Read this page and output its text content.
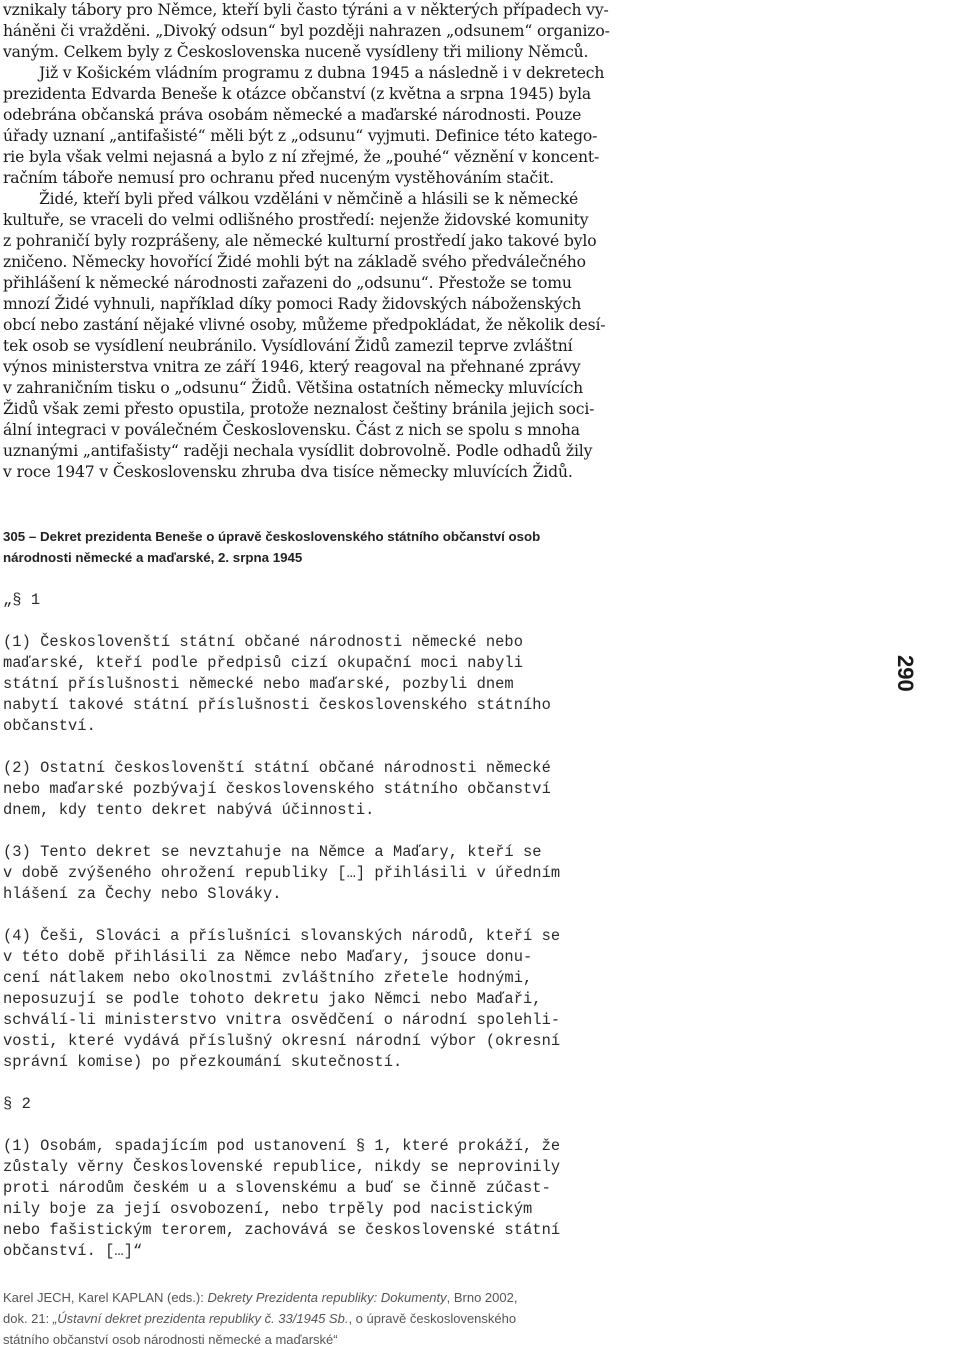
vznikaly tábory pro Němce, kteří byli často týráni a v některých případech vy-
háněni či vražděni. „Divoký odsun“ byl později nahrazen „odsunem“ organizo-
vaným. Celkem byly z Československa nuceně vysídleny tři miliony Němců.
Již v Košickém vládním programu z dubna 1945 a následně i v dekretech
prezidenta Edvarda Beneše k otázce občanství (z května a srpna 1945) byla
odebrána občanská práva osobám německé a maďarské národnosti. Pouze
úřady uznaní „antifašisté“ měli být z „odsunu“ vyjmuti. Definice této katego-
rie byla však velmi nejasná a bylo z ní zřejmé, že „pouhé“ věznění v koncent-
račním táboře nemusí pro ochranu před nuceným vystěhováním stačit.
Židé, kteří byli před válkou vzděláni v němčině a hlásili se k německé
kultuře, se vraceli do velmi odlišného prostředí: nejenže židovské komunity
z pohraničí byly rozprášeny, ale německé kulturní prostředí jako takové bylo
zničeno. Německy hovořící Židé mohli být na základě svého předválečného
přihlášení k německé národnosti zařazeni do „odsunu“. Přestože se tomu
mnozí Židé vyhnuli, například díky pomoci Rady židovských náboženských
obcí nebo zastání nějaké vlivné osoby, můžeme předpokládat, že několik desí-
tek osob se vysídlení neubránilo. Vysídlování Židů zamezil teprve zvláštní
výnos ministerstva vnitra ze září 1946, který reagoval na přehnané zprávy
v zahraničním tisku o „odsunu“ Židů. Většina ostatních německy mluvících
Židů však zemi přesto opustila, protože neznalost češtiny bránila jejich soci-
ální integraci v poválečném Československu. Část z nich se spolu s mnoha
uznanými „antifašisty“ raději nechala vysídlit dobrovolně. Podle odhadů žily
v roce 1947 v Československu zhruba dva tisíce německy mluvících Židů.
305 – Dekret prezidenta Beneše o úpravě československého státního občanství osob
národnosti německé a maďarské, 2. srpna 1945
„§ 1
(1) Českoslovenští státní občané národnosti německé nebo
maďarské, kteří podle předpisů cizí okupační moci nabyli
státní příslušnosti německé nebo maďarské, pozbyli dnem
nabytí takové státní příslušnosti československého státního
občanství.
(2) Ostatní českoslovenští státní občané národnosti německé
nebo maďarské pozbývají československého státního občanství
dnem, kdy tento dekret nabývá účinnosti.
(3) Tento dekret se nevztahuje na Němce a Maďary, kteří se
v době zvýšeného ohrožení republiky […] přihlásili v úředním
hlášení za Čechy nebo Slováky.
(4) Češi, Slováci a příslušníci slovanských národů, kteří se
v této době přihlásili za Němce nebo Maďary, jsouce donu-
cení nátlakem nebo okolnostmi zvláštního zřetele hodnými,
neposuzují se podle tohoto dekretu jako Němci nebo Maďaři,
schválí-li ministerstvo vnitra osvědčení o národní spolehli-
vosti, které vydává příslušný okresní národní výbor (okresní
správní komise) po přezkoumání skutečností.
§ 2
(1) Osobám, spadajícím pod ustanovení § 1, které prokáží, že
zůstaly věrny Československé republice, nikdy se neprovinily
proti národům českém u a slovenskému a buď se činně zúčast-
nily boje za její osvobození, nebo trpěly pod nacistickým
nebo fašistickým terorem, zachovává se československé státní
občanství. […]“
290
Karel JECH, Karel KAPLAN (eds.): Dekrety Prezidenta republiky: Dokumenty, Brno 2002,
dok. 21: „Ústavní dekret prezidenta republiky č. 33/1945 Sb., o úpravě československého
státního občanství osob národnosti německé a maďarské“
